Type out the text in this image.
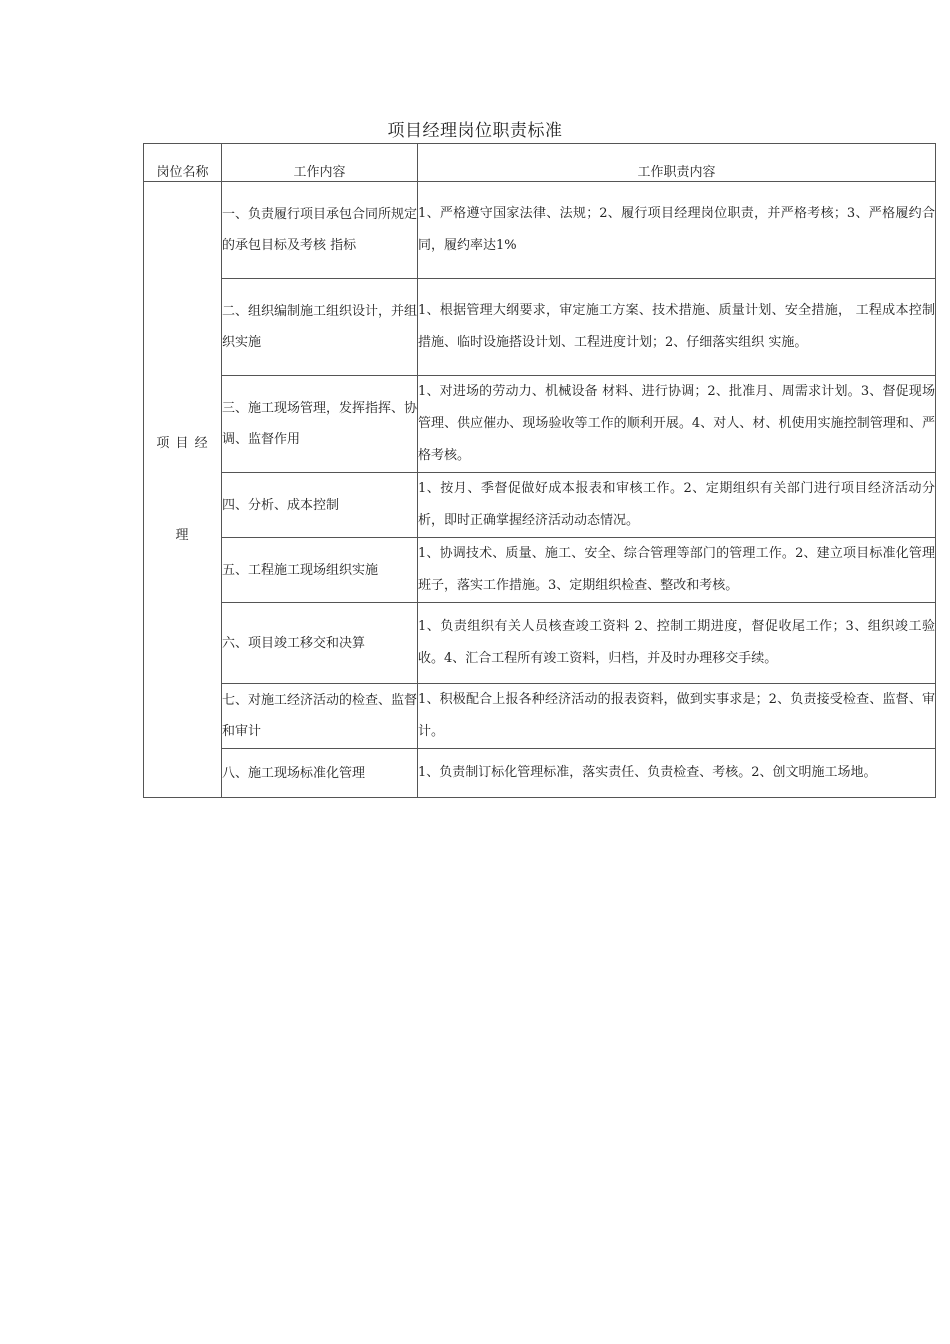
项目经理岗位职责标准
岗位名称	工作内容	工作职责内容
项 目 经 理	一、负责履行项目承包合同所规定的承包目标及考核 指标	1、严格遵守国家法律、法规；2、履行项目经理岗位职责，并严格考核；3、严格履约合同，履约率达1%
	二、组织编制施工组织设计，并组织实施	1、根据管理大纲要求，审定施工方案、技术措施、质量计划、安全措施， 工程成本控制措施、临时设施搭设计划、工程进度计划；2、仔细落实组织 实施。
	三、施工现场管理，发挥指挥、协调、监督作用	1、对进场的劳动力、机械设备 材料、进行协调；2、批准月、周需求计划。3、督促现场管理、供应催办、现场验收等工作的顺利开展。4、对人、材、机使用实施控制管理和、严格考核。
	四、分析、成本控制	1、按月、季督促做好成本报表和审核工作。2、定期组织有关部门进行项目经济活动分析，即时正确掌握经济活动动态情况。
	五、工程施工现场组织实施	1、协调技术、质量、施工、安全、综合管理等部门的管理工作。2、建立项目标准化管理班子，落实工作措施。3、定期组织检查、整改和考核。
	六、项目竣工移交和决算	1、负责组织有关人员核查竣工资料 2、控制工期进度，督促收尾工作；3、组织竣工验收。4、汇合工程所有竣工资料，归档，并及时办理移交手续。
	七、对施工经济活动的检查、监督和审计	1、积极配合上报各种经济活动的报表资料，做到实事求是；2、负责接受检查、监督、审计。
	八、施工现场标准化管理	1、负责制订标化管理标准，落实责任、负责检查、考核。2、创文明施工场地。
